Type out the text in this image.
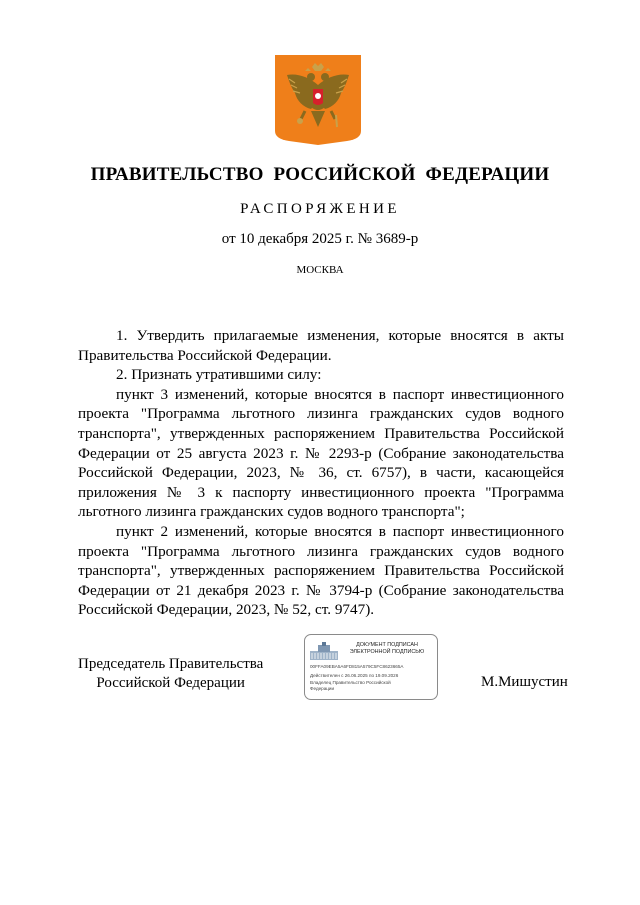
ПРАВИТЕЛЬСТВО РОССИЙСКОЙ ФЕДЕРАЦИИ
РАСПОРЯЖЕНИЕ
от 10 декабря 2025 г. № 3689-р
МОСКВА

1. Утвердить прилагаемые изменения, которые вносятся в акты Правительства Российской Федерации.

2. Признать утратившими силу:

пункт 3 изменений, которые вносятся в паспорт инвестиционного проекта "Программа льготного лизинга гражданских судов водного транспорта", утвержденных распоряжением Правительства Российской Федерации от 25 августа 2023 г. № 2293-р (Собрание законодательства Российской Федерации, 2023, № 36, ст. 6757), в части, касающейся приложения № 3 к паспорту инвестиционного проекта "Программа льготного лизинга гражданских судов водного транспорта";

пункт 2 изменений, которые вносятся в паспорт инвестиционного проекта "Программа льготного лизинга гражданских судов водного транспорта", утвержденных распоряжением Правительства Российской Федерации от 21 декабря 2023 г. № 3794-р (Собрание законодательства Российской Федерации, 2023, № 52, ст. 9747).

Председатель Правительства
Российской Федерации
ДОКУМЕНТ ПОДПИСАН
ЭЛЕКТРОННОЙ ПОДПИСЬЮ
00FFA09EBA5A6FD815A579C5FC8623665A
Действителен с 26.06.2025 по 19.09.2026
Владелец Правительство Российской
Федерации	М.Мишустин
